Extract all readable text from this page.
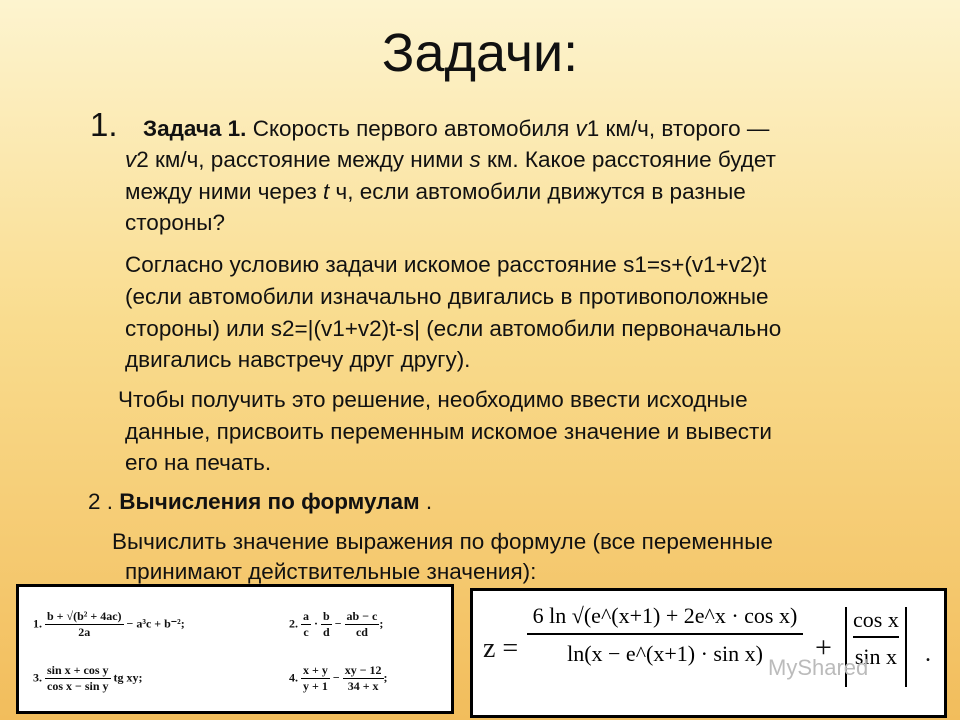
Задачи:
1. Задача 1. Скорость первого автомобиля v1 км/ч, второго —
v2 км/ч, расстояние между ними s км. Какое расстояние будет
между ними через t ч, если автомобили движутся в разные
стороны?
Согласно условию задачи искомое расстояние s1=s+(v1+v2)t
(если автомобили изначально двигались в противоположные
стороны) или s2=|(v1+v2)t-s| (если автомобили первоначально
двигались навстречу друг другу).
Чтобы получить это решение, необходимо ввести исходные
данные, присвоить переменным искомое значение и вывести
его на печать.
2 . Вычисления по формулам .
Вычислить значение выражения по формуле (все переменные
принимают действительные значения):
1. $\frac{\text{b + √(b² + 4ac)}}{2a} - a^3c + b^{-2}$;	2. $\frac{a}{c} \cdot \frac{b}{d} - \frac{ab - c}{cd}$ ;
3. $\frac{\text{sin x + cos y}}{\text{cos x − sin y}}$ tg xy;	4. $\frac{x + y}{y + 1} - \frac{xy - 12}{34 + x}$ ;
$z = \frac{\text{6 ln √(e\textasciicircum{}(x+1) + 2e\textasciicircum{}x · cos x)}}{\text{ln(x − e\textasciicircum{}(x+1) · sin x)}} + \frac{\text{cos x}}{\text{sin x}}$ .
MyShared
